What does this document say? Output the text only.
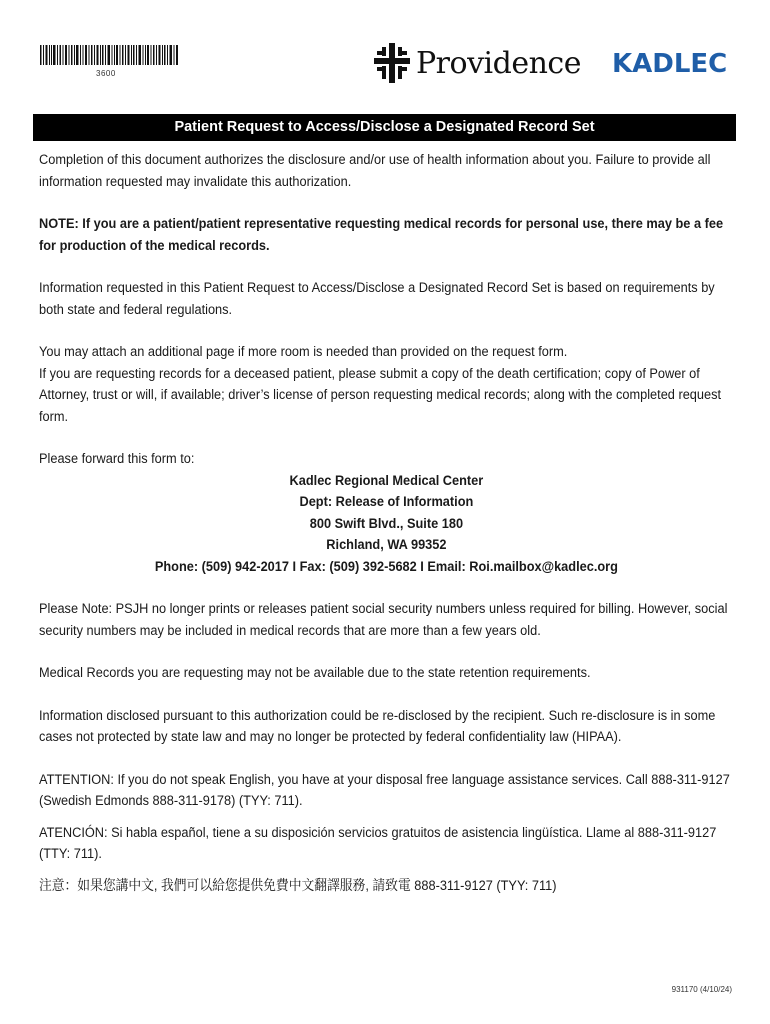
3600	Providence KADLEC
Patient Request to Access/Disclose a Designated Record Set

Completion of this document authorizes the disclosure and/or use of health information about you. Failure to provide all information requested may invalidate this authorization.

NOTE: If you are a patient/patient representative requesting medical records for personal use, there may be a fee for production of the medical records.

Information requested in this Patient Request to Access/Disclose a Designated Record Set is based on requirements by both state and federal regulations.

You may attach an additional page if more room is needed than provided on the request form.

If you are requesting records for a deceased patient, please submit a copy of the death certification; copy of Power of Attorney, trust or will, if available; driver’s license of person requesting medical records; along with the completed request form.

Please forward this form to:

Kadlec Regional Medical Center
Dept: Release of Information
800 Swift Blvd., Suite 180
Richland, WA 99352
Phone: (509) 942-2017 I Fax: (509) 392-5682 I Email: Roi.mailbox@kadlec.org

Please Note: PSJH no longer prints or releases patient social security numbers unless required for billing. However, social security numbers may be included in medical records that are more than a few years old.

Medical Records you are requesting may not be available due to the state retention requirements.

Information disclosed pursuant to this authorization could be re-disclosed by the recipient. Such re-disclosure is in some cases not protected by state law and may no longer be protected by federal confidentiality law (HIPAA).

ATTENTION: If you do not speak English, you have at your disposal free language assistance services. Call 888-311-9127 (Swedish Edmonds 888-311-9178) (TYY: 711).

ATENCIÓN: Si habla español, tiene a su disposición servicios gratuitos de asistencia lingüística. Llame al 888-311-9127 (TTY: 711).

注意：如果您講中文, 我們可以給您提供免費中文翻譯服務, 請致電 888-311-9127 (TYY: 711)

931170 (4/10/24)
